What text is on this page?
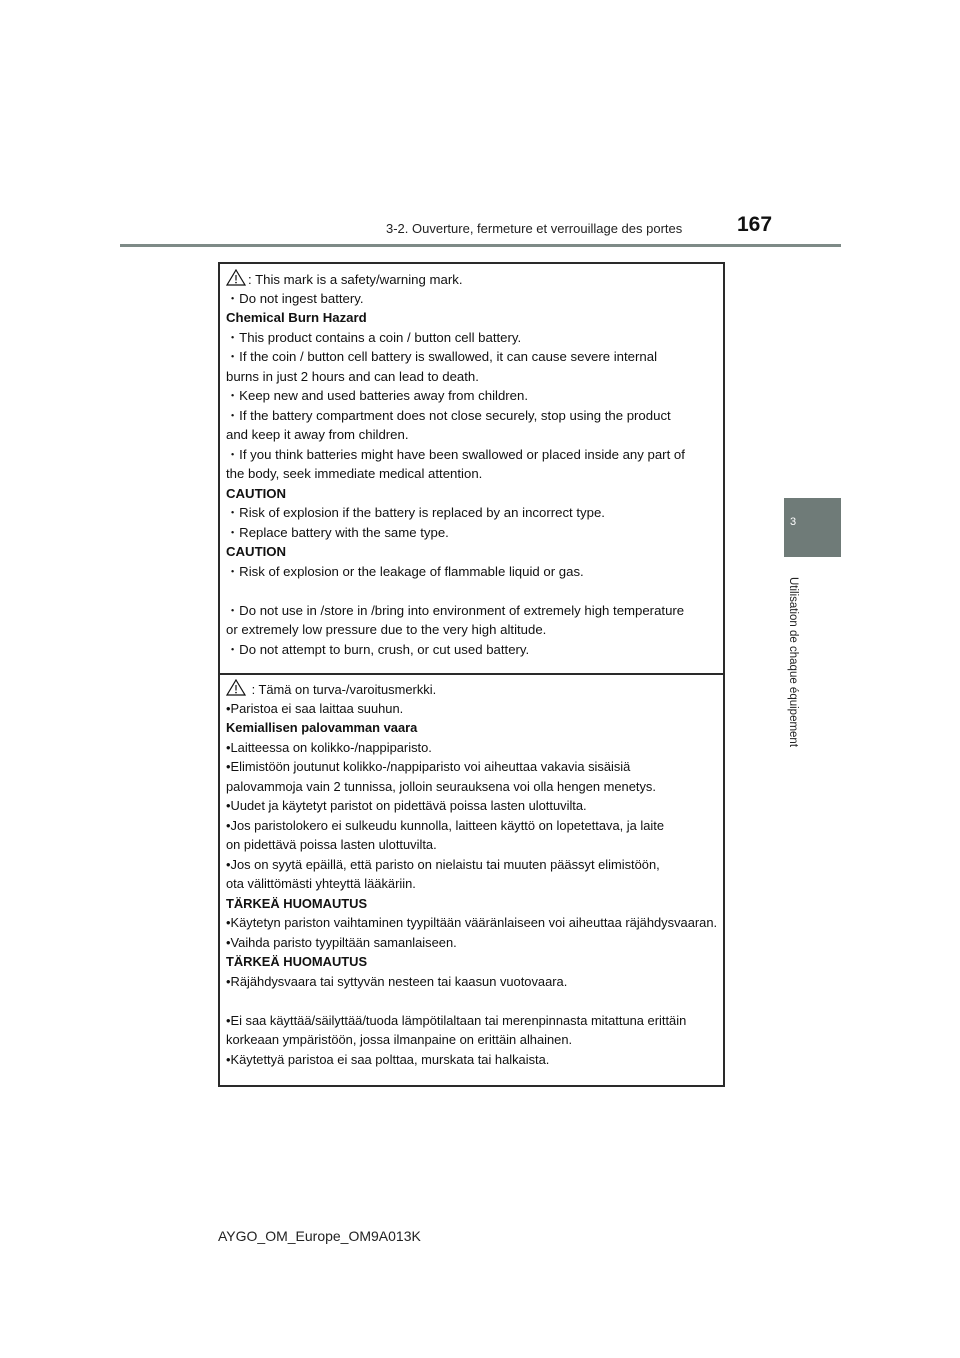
167
3-2. Ouverture, fermeture et verrouillage des portes
3
Utilisation de chaque équipement
: This mark is a safety/warning mark.
・Do not ingest battery.
Chemical Burn Hazard
・This product contains a coin / button cell battery.
・If the coin / button cell battery is swallowed, it can cause severe internal
burns in just 2 hours and can lead to death.
・Keep new and used batteries away from children.
・If the battery compartment does not close securely, stop using the product
and keep it away from children.
・If you think batteries might have been swallowed or placed inside any part of
the body, seek immediate medical attention.
CAUTION
・Risk of explosion if the battery is replaced by an incorrect type.
・Replace battery with the same type.
CAUTION
・Risk of explosion or the leakage of flammable liquid or gas.
・Do not use in /store in /bring into environment of extremely high temperature
or extremely low pressure due to the very high altitude.
・Do not attempt to burn, crush, or cut used battery.
: Tämä on turva-/varoitusmerkki.
•Paristoa ei saa laittaa suuhun.
Kemiallisen palovamman vaara
•Laitteessa on kolikko-/nappiparisto.
•Elimistöön joutunut kolikko-/nappiparisto voi aiheuttaa vakavia sisäisiä
palovammoja vain 2 tunnissa, jolloin seurauksena voi olla hengen menetys.
•Uudet ja käytetyt paristot on pidettävä poissa lasten ulottuvilta.
•Jos paristolokero ei sulkeudu kunnolla, laitteen käyttö on lopetettava, ja laite
on pidettävä poissa lasten ulottuvilta.
•Jos on syytä epäillä, että paristo on nielaistu tai muuten päässyt elimistöön,
ota välittömästi yhteyttä lääkäriin.
TÄRKEÄ HUOMAUTUS
•Käytetyn pariston vaihtaminen tyypiltään vääränlaiseen voi aiheuttaa räjähdysvaaran.
•Vaihda paristo tyypiltään samanlaiseen.
TÄRKEÄ HUOMAUTUS
•Räjähdysvaara tai syttyvän nesteen tai kaasun vuotovaara.
•Ei saa käyttää/säilyttää/tuoda lämpötilaltaan tai merenpinnasta mitattuna erittäin
korkeaan ympäristöön, jossa ilmanpaine on erittäin alhainen.
•Käytettyä paristoa ei saa polttaa, murskata tai halkaista.
AYGO_OM_Europe_OM9A013K
